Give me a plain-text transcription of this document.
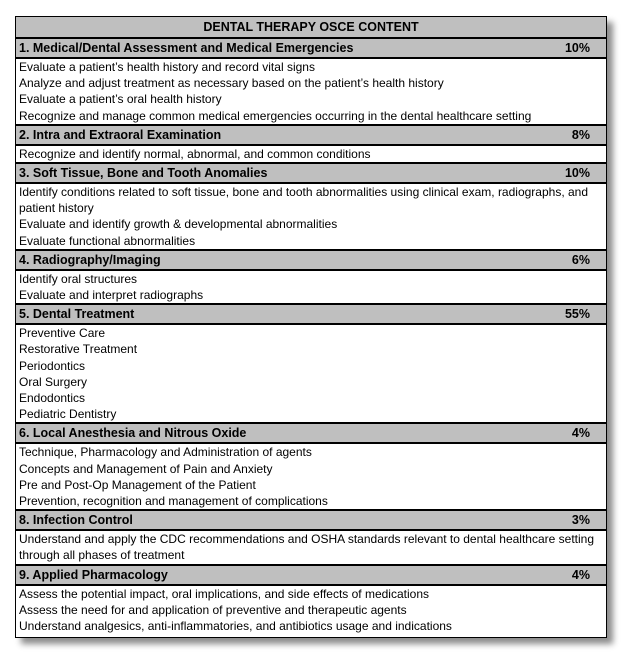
DENTAL THERAPY OSCE CONTENT
1. Medical/Dental Assessment and Medical Emergencies	10%
Evaluate a patient’s health history and record vital signs
Analyze and adjust treatment as necessary based on the patient’s health history
Evaluate a patient’s oral health history
Recognize and manage common medical emergencies occurring in the dental healthcare setting
2. Intra and Extraoral Examination	8%
Recognize and identify normal, abnormal, and common conditions
3. Soft Tissue, Bone and Tooth Anomalies	10%
Identify conditions related to soft tissue, bone and tooth abnormalities using clinical exam, radiographs, and patient history
Evaluate and identify growth & developmental abnormalities
Evaluate functional abnormalities
4. Radiography/Imaging	6%
Identify oral structures
Evaluate and interpret radiographs
5. Dental Treatment	55%
Preventive Care
Restorative Treatment
Periodontics
Oral Surgery
Endodontics
Pediatric Dentistry
6. Local Anesthesia and Nitrous Oxide	4%
Technique, Pharmacology and Administration of agents
Concepts and Management of Pain and Anxiety
Pre and Post-Op Management of the Patient
Prevention, recognition and management of complications
8. Infection Control	3%
Understand and apply the CDC recommendations and OSHA standards relevant to dental healthcare setting through all phases of treatment
9. Applied Pharmacology	4%
Assess the potential impact, oral implications, and side effects of medications
Assess the need for and application of preventive and therapeutic agents
Understand analgesics, anti-inflammatories, and antibiotics usage and indications
